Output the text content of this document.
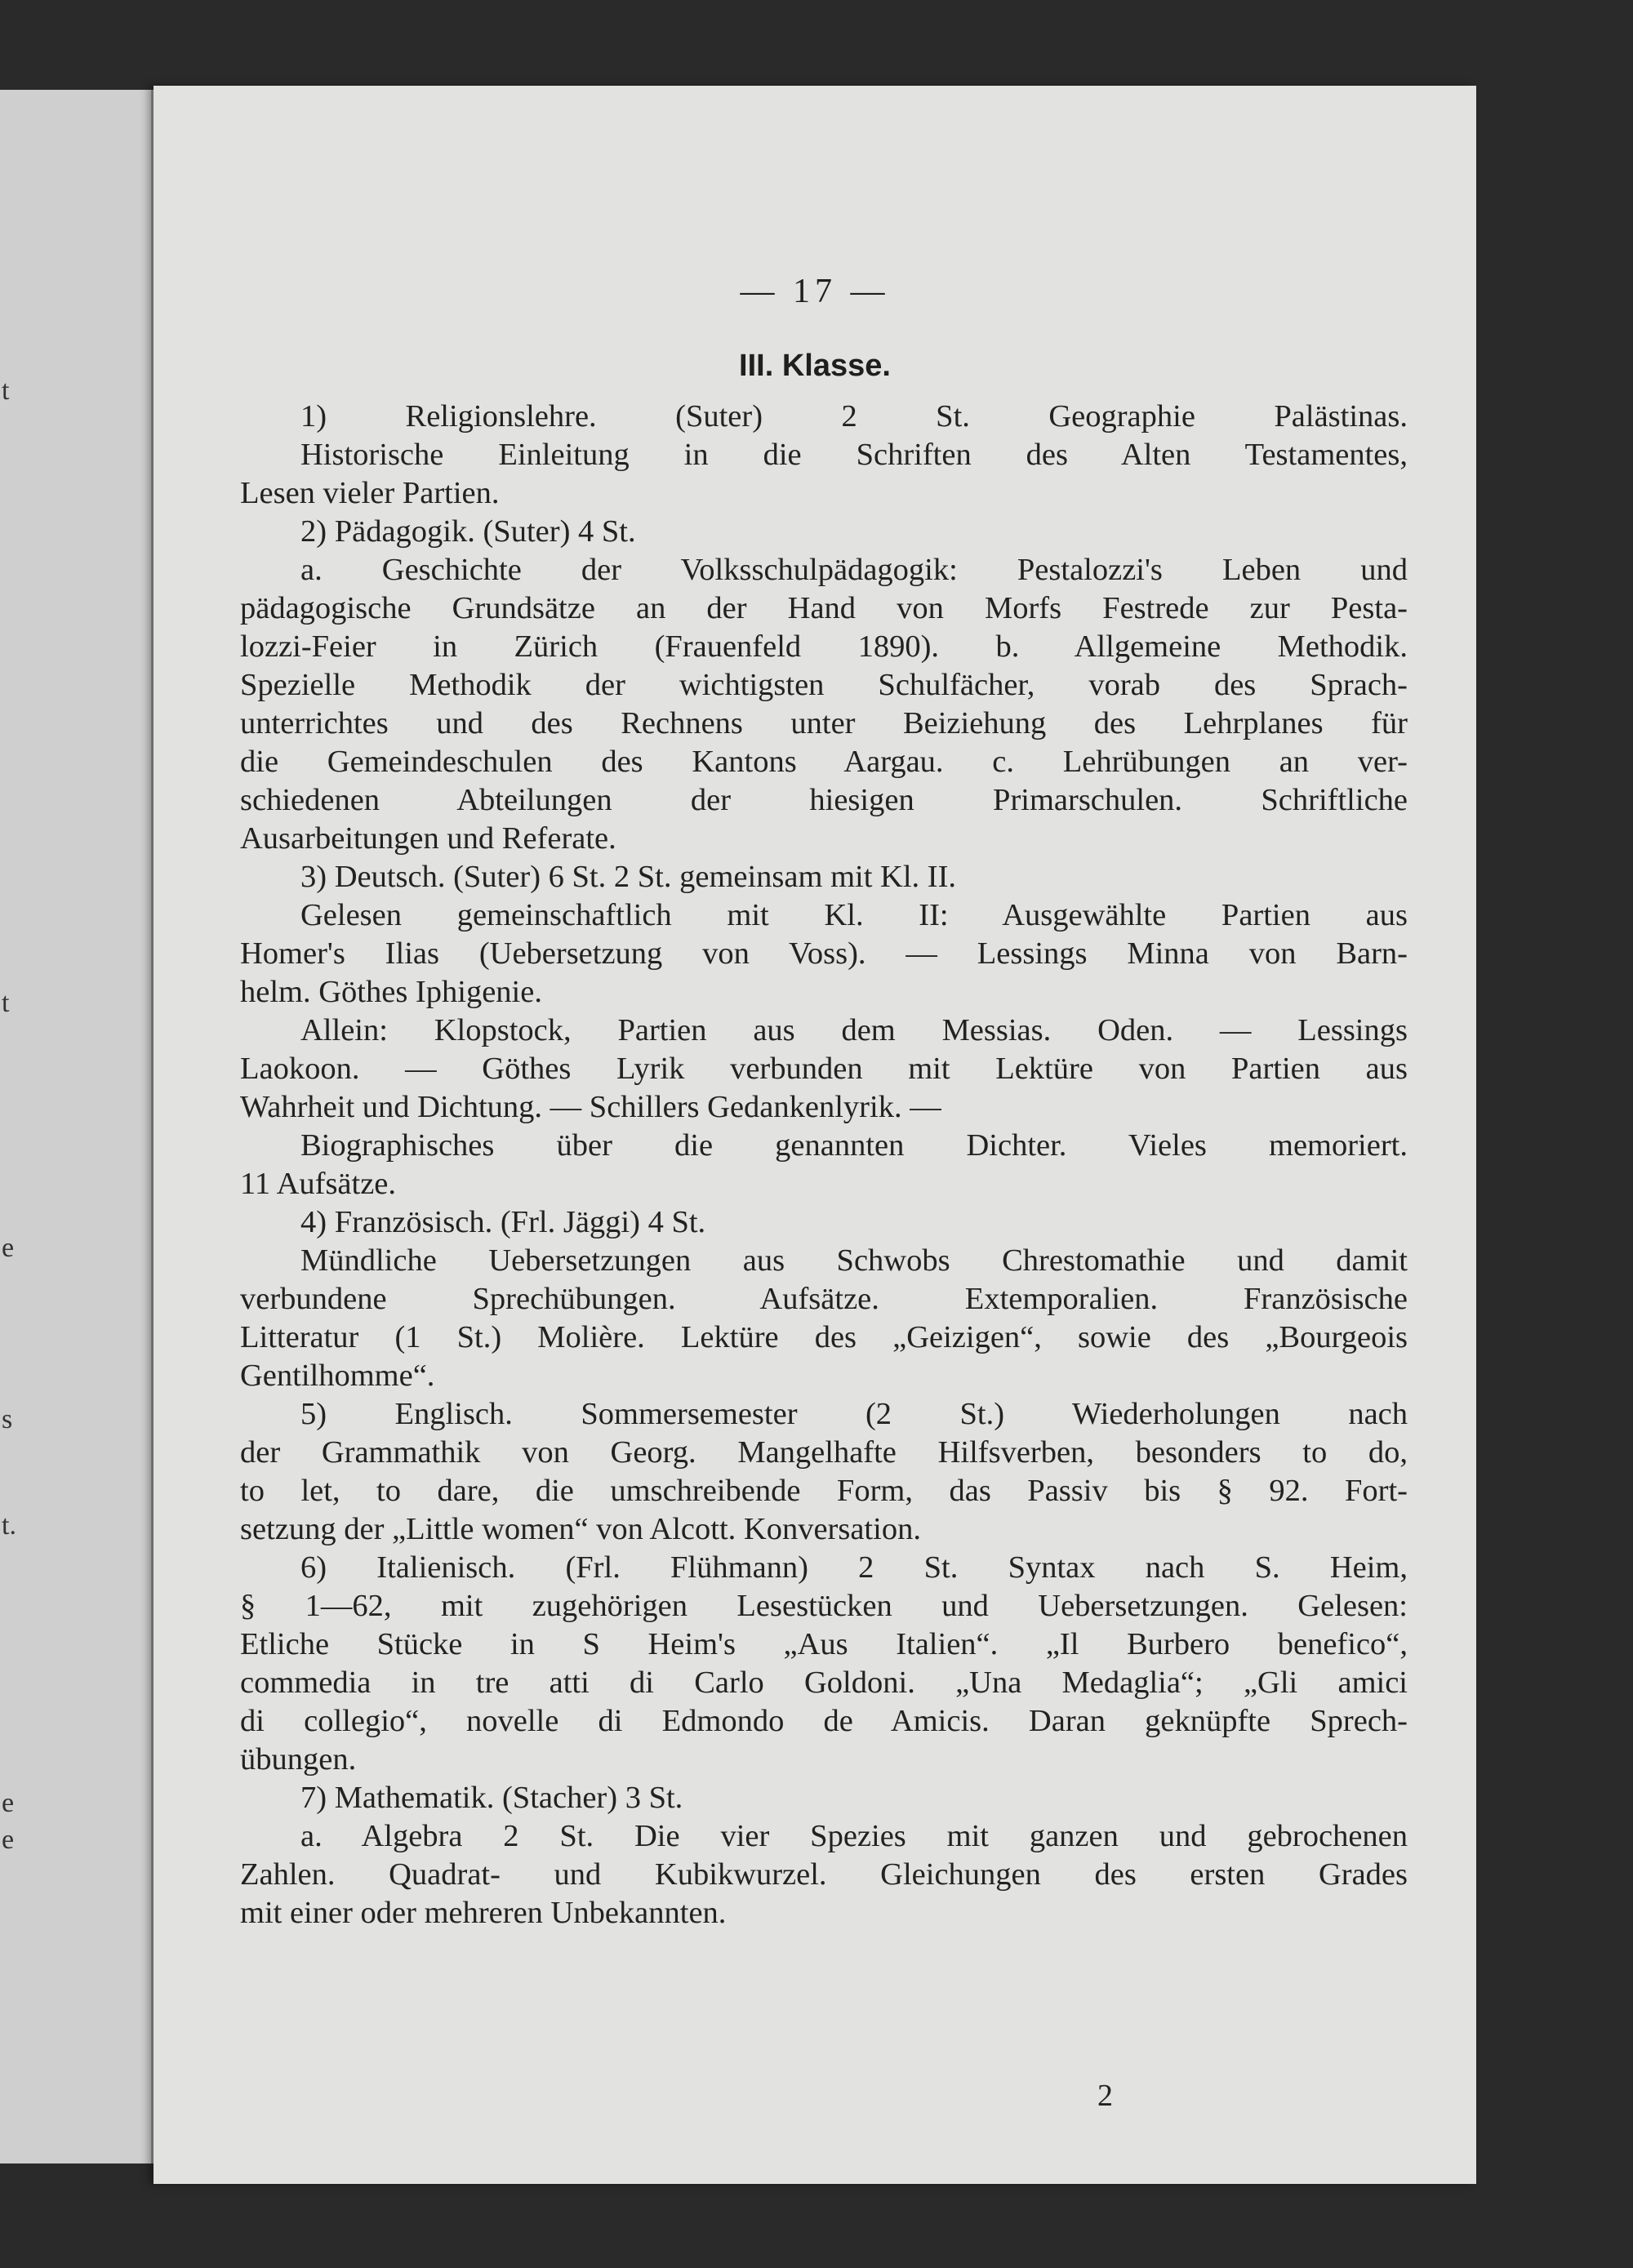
t
t
e
s
t.
e
e
— 17 —
III. Klasse.
1) Religionslehre. (Suter) 2 St. Geographie Palästinas.
Historische Einleitung in die Schriften des Alten Testamentes,
Lesen vieler Partien.
2) Pädagogik. (Suter) 4 St.
a. Geschichte der Volksschulpädagogik: Pestalozzi's Leben und
pädagogische Grundsätze an der Hand von Morfs Festrede zur Pesta-
lozzi-Feier in Zürich (Frauenfeld 1890). b. Allgemeine Methodik.
Spezielle Methodik der wichtigsten Schulfächer, vorab des Sprach-
unterrichtes und des Rechnens unter Beiziehung des Lehrplanes für
die Gemeindeschulen des Kantons Aargau. c. Lehrübungen an ver-
schiedenen Abteilungen der hiesigen Primarschulen. Schriftliche
Ausarbeitungen und Referate.
3) Deutsch. (Suter) 6 St. 2 St. gemeinsam mit Kl. II.
Gelesen gemeinschaftlich mit Kl. II: Ausgewählte Partien aus
Homer's Ilias (Uebersetzung von Voss). — Lessings Minna von Barn-
helm. Göthes Iphigenie.
Allein: Klopstock, Partien aus dem Messias. Oden. — Lessings
Laokoon. — Göthes Lyrik verbunden mit Lektüre von Partien aus
Wahrheit und Dichtung. — Schillers Gedankenlyrik. —
Biographisches über die genannten Dichter. Vieles memoriert.
11 Aufsätze.
4) Französisch. (Frl. Jäggi) 4 St.
Mündliche Uebersetzungen aus Schwobs Chrestomathie und damit
verbundene Sprechübungen. Aufsätze. Extemporalien. Französische
Litteratur (1 St.) Molière. Lektüre des „Geizigen“, sowie des „Bourgeois
Gentilhomme“.
5) Englisch. Sommersemester (2 St.) Wiederholungen nach
der Grammathik von Georg. Mangelhafte Hilfsverben, besonders to do,
to let, to dare, die umschreibende Form, das Passiv bis § 92. Fort-
setzung der „Little women“ von Alcott. Konversation.
6) Italienisch. (Frl. Flühmann) 2 St. Syntax nach S. Heim,
§ 1—62, mit zugehörigen Lesestücken und Uebersetzungen. Gelesen:
Etliche Stücke in S Heim's „Aus Italien“. „Il Burbero benefico“,
commedia in tre atti di Carlo Goldoni. „Una Medaglia“; „Gli amici
di collegio“, novelle di Edmondo de Amicis. Daran geknüpfte Sprech-
übungen.
7) Mathematik. (Stacher) 3 St.
a. Algebra 2 St. Die vier Spezies mit ganzen und gebrochenen
Zahlen. Quadrat- und Kubikwurzel. Gleichungen des ersten Grades
mit einer oder mehreren Unbekannten.
2
